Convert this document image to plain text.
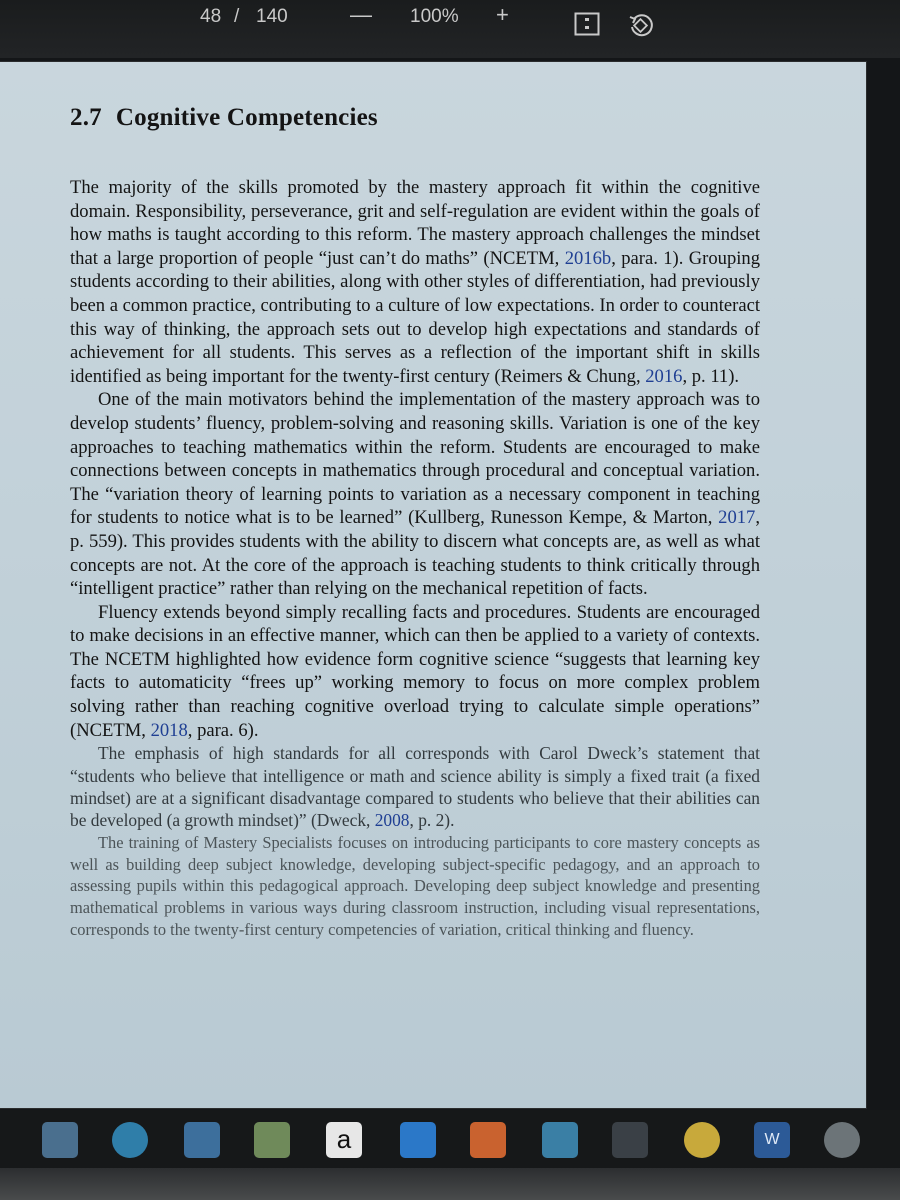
48 / 140	— 100% +
2.7 Cognitive Competencies

The majority of the skills promoted by the mastery approach fit within the cognitive domain. Responsibility, perseverance, grit and self-regulation are evident within the goals of how maths is taught according to this reform. The mastery approach challenges the mindset that a large proportion of people “just can’t do maths” (NCETM, 2016b, para. 1). Grouping students according to their abilities, along with other styles of differentiation, had previously been a common practice, contributing to a culture of low expectations. In order to counteract this way of thinking, the approach sets out to develop high expectations and standards of achievement for all students. This serves as a reflection of the important shift in skills identified as being important for the twenty-first century (Reimers & Chung, 2016, p. 11).

One of the main motivators behind the implementation of the mastery approach was to develop students’ fluency, problem-solving and reasoning skills. Variation is one of the key approaches to teaching mathematics within the reform. Students are encouraged to make connections between concepts in mathematics through procedural and conceptual variation. The “variation theory of learning points to variation as a necessary component in teaching for students to notice what is to be learned” (Kullberg, Runesson Kempe, & Marton, 2017, p. 559). This provides students with the ability to discern what concepts are, as well as what concepts are not. At the core of the approach is teaching students to think critically through “intelligent practice” rather than relying on the mechanical repetition of facts.

Fluency extends beyond simply recalling facts and procedures. Students are encouraged to make decisions in an effective manner, which can then be applied to a variety of contexts. The NCETM highlighted how evidence form cognitive science “suggests that learning key facts to automaticity “frees up” working memory to focus on more complex problem solving rather than reaching cognitive overload trying to calculate simple operations” (NCETM, 2018, para. 6).

The emphasis of high standards for all corresponds with Carol Dweck’s statement that “students who believe that intelligence or math and science ability is simply a fixed trait (a fixed mindset) are at a significant disadvantage compared to students who believe that their abilities can be developed (a growth mindset)” (Dweck, 2008, p. 2).

The training of Mastery Specialists focuses on introducing participants to core mastery concepts as well as building deep subject knowledge, developing subject-specific pedagogy, and an approach to assessing pupils within this pedagogical approach. Developing deep subject knowledge and presenting mathematical problems in various ways during classroom instruction, including visual representations, corresponds to the twenty-first century competencies of variation, critical thinking and fluency.

a	W
